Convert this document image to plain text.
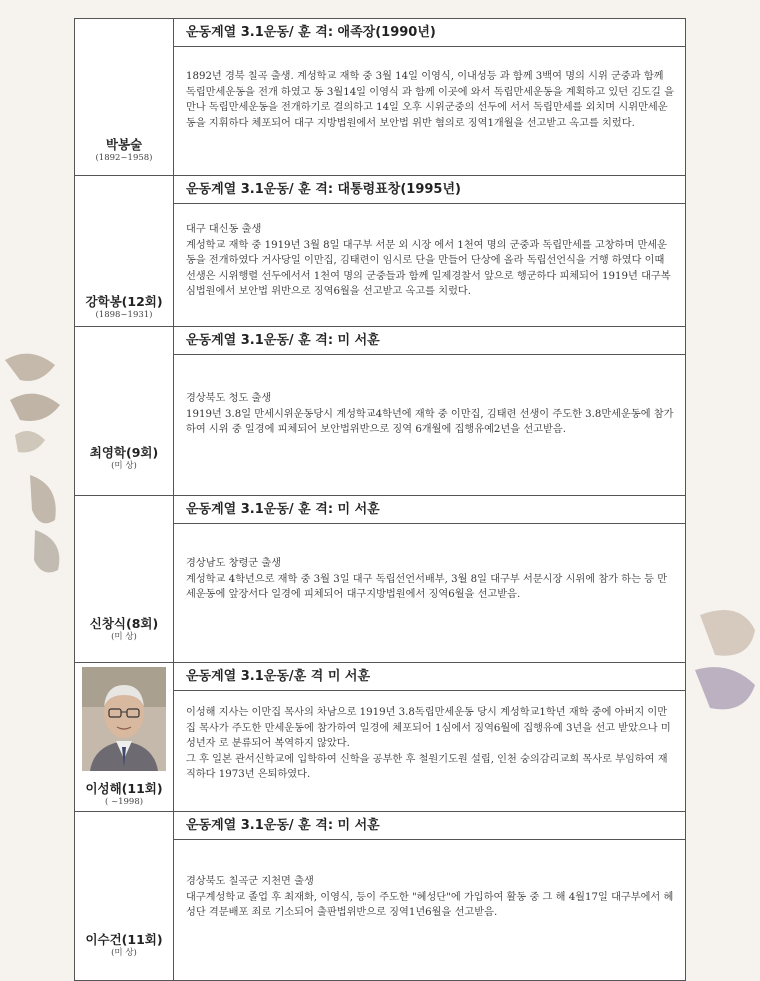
박봉술
(1892~1958)	운동계열 3.1운동/ 훈 격: 애족장(1990년)

	1892년 경북 칠곡 출생. 계성학교 재학 중 3월 14일 이영식, 이내성등 과 함께 3백여 명의 시위 군중과 함께 독립만세운동을 전개 하였고 동 3월14일 이영식 과 함께 이곳에 와서 독립만세운동을 계획하고 있던 김도길 을 만나 독립만세운동을 전개하기로 결의하고 14일 오후 시위군중의 선두에 서서 독립만세를 외치며 시위만세운동을 지휘하다 체포되어 대구 지방법원에서 보안법 위반 혐의로 징역1개월을 선고받고 옥고를 치렀다.

강학봉(12회)
(1898~1931)	운동계열 3.1운동/ 훈 격: 대통령표창(1995년)

	대구 대신동 출생
계성학교 재학 중 1919년 3월 8일 대구부 서문 외 시장 에서 1천여 명의 군중과 독립만세를 고창하며 만세운동을 전개하였다 거사당일 이만집, 김태련이 임시로 단을 만들어 단상에 올라 독립선언식을 거행 하였다 이때 선생은 시위행렬 선두에서서 1천여 명의 군중들과 함께 일제경찰서 앞으로 행군하다 피체되어 1919년 대구복심법원에서 보안법 위반으로 징역6월을 선고받고 옥고를 치렀다.

최영학(9회)
(미 상)	운동계열 3.1운동/ 훈 격: 미 서훈

	경상북도 청도 출생
1919년 3.8일 만세시위운동당시 계성학교4학년에 재학 중 이만집, 김태련 선생이 주도한 3.8만세운동에 참가하여 시위 중 일경에 피체되어 보안법위반으로 징역 6개월에 집행유예2년을 선고받음.

신창식(8회)
(미 상)	운동계열 3.1운동/ 훈 격: 미 서훈

	경상남도 창령군 출생
계성학교 4학년으로 재학 중 3월 3일 대구 독립선언서배부, 3월 8일 대구부 서문시장 시위에 참가 하는 등 만세운동에 앞장서다 일경에 피체되어 대구지방법원에서 징역6월을 선고받음.

이성해(11회)
( ~1998)	운동계열 3.1운동/훈 격 미 서훈

	이성해 지사는 이만집 목사의 차남으로 1919년 3.8독립만세운동 당시 계성학교1학년 재학 중에 아버지 이만집 목사가 주도한 만세운동에 참가하여 일경에 체포되어 1심에서 징역6월에 집행유예 3년을 선고 받았으나 미성년자 로 분류되어 복역하지 않았다.
그 후 일본 관서신학교에 입학하여 신학을 공부한 후 철원기도원 설립, 인천 숭의감리교회 목사로 부임하여 재직하다 1973년 은퇴하였다.

이수건(11회)
(미 상)	운동계열 3.1운동/ 훈 격: 미 서훈

	경상북도 칠곡군 지천면 출생
대구계성학교 졸업 후 최재화, 이영식, 등이 주도한 "혜성단"에 가입하여 활동 중 그 해 4월17일 대구부에서 혜성단 격문배포 죄로 기소되어 출판법위반으로 징역1년6월을 선고받음.
